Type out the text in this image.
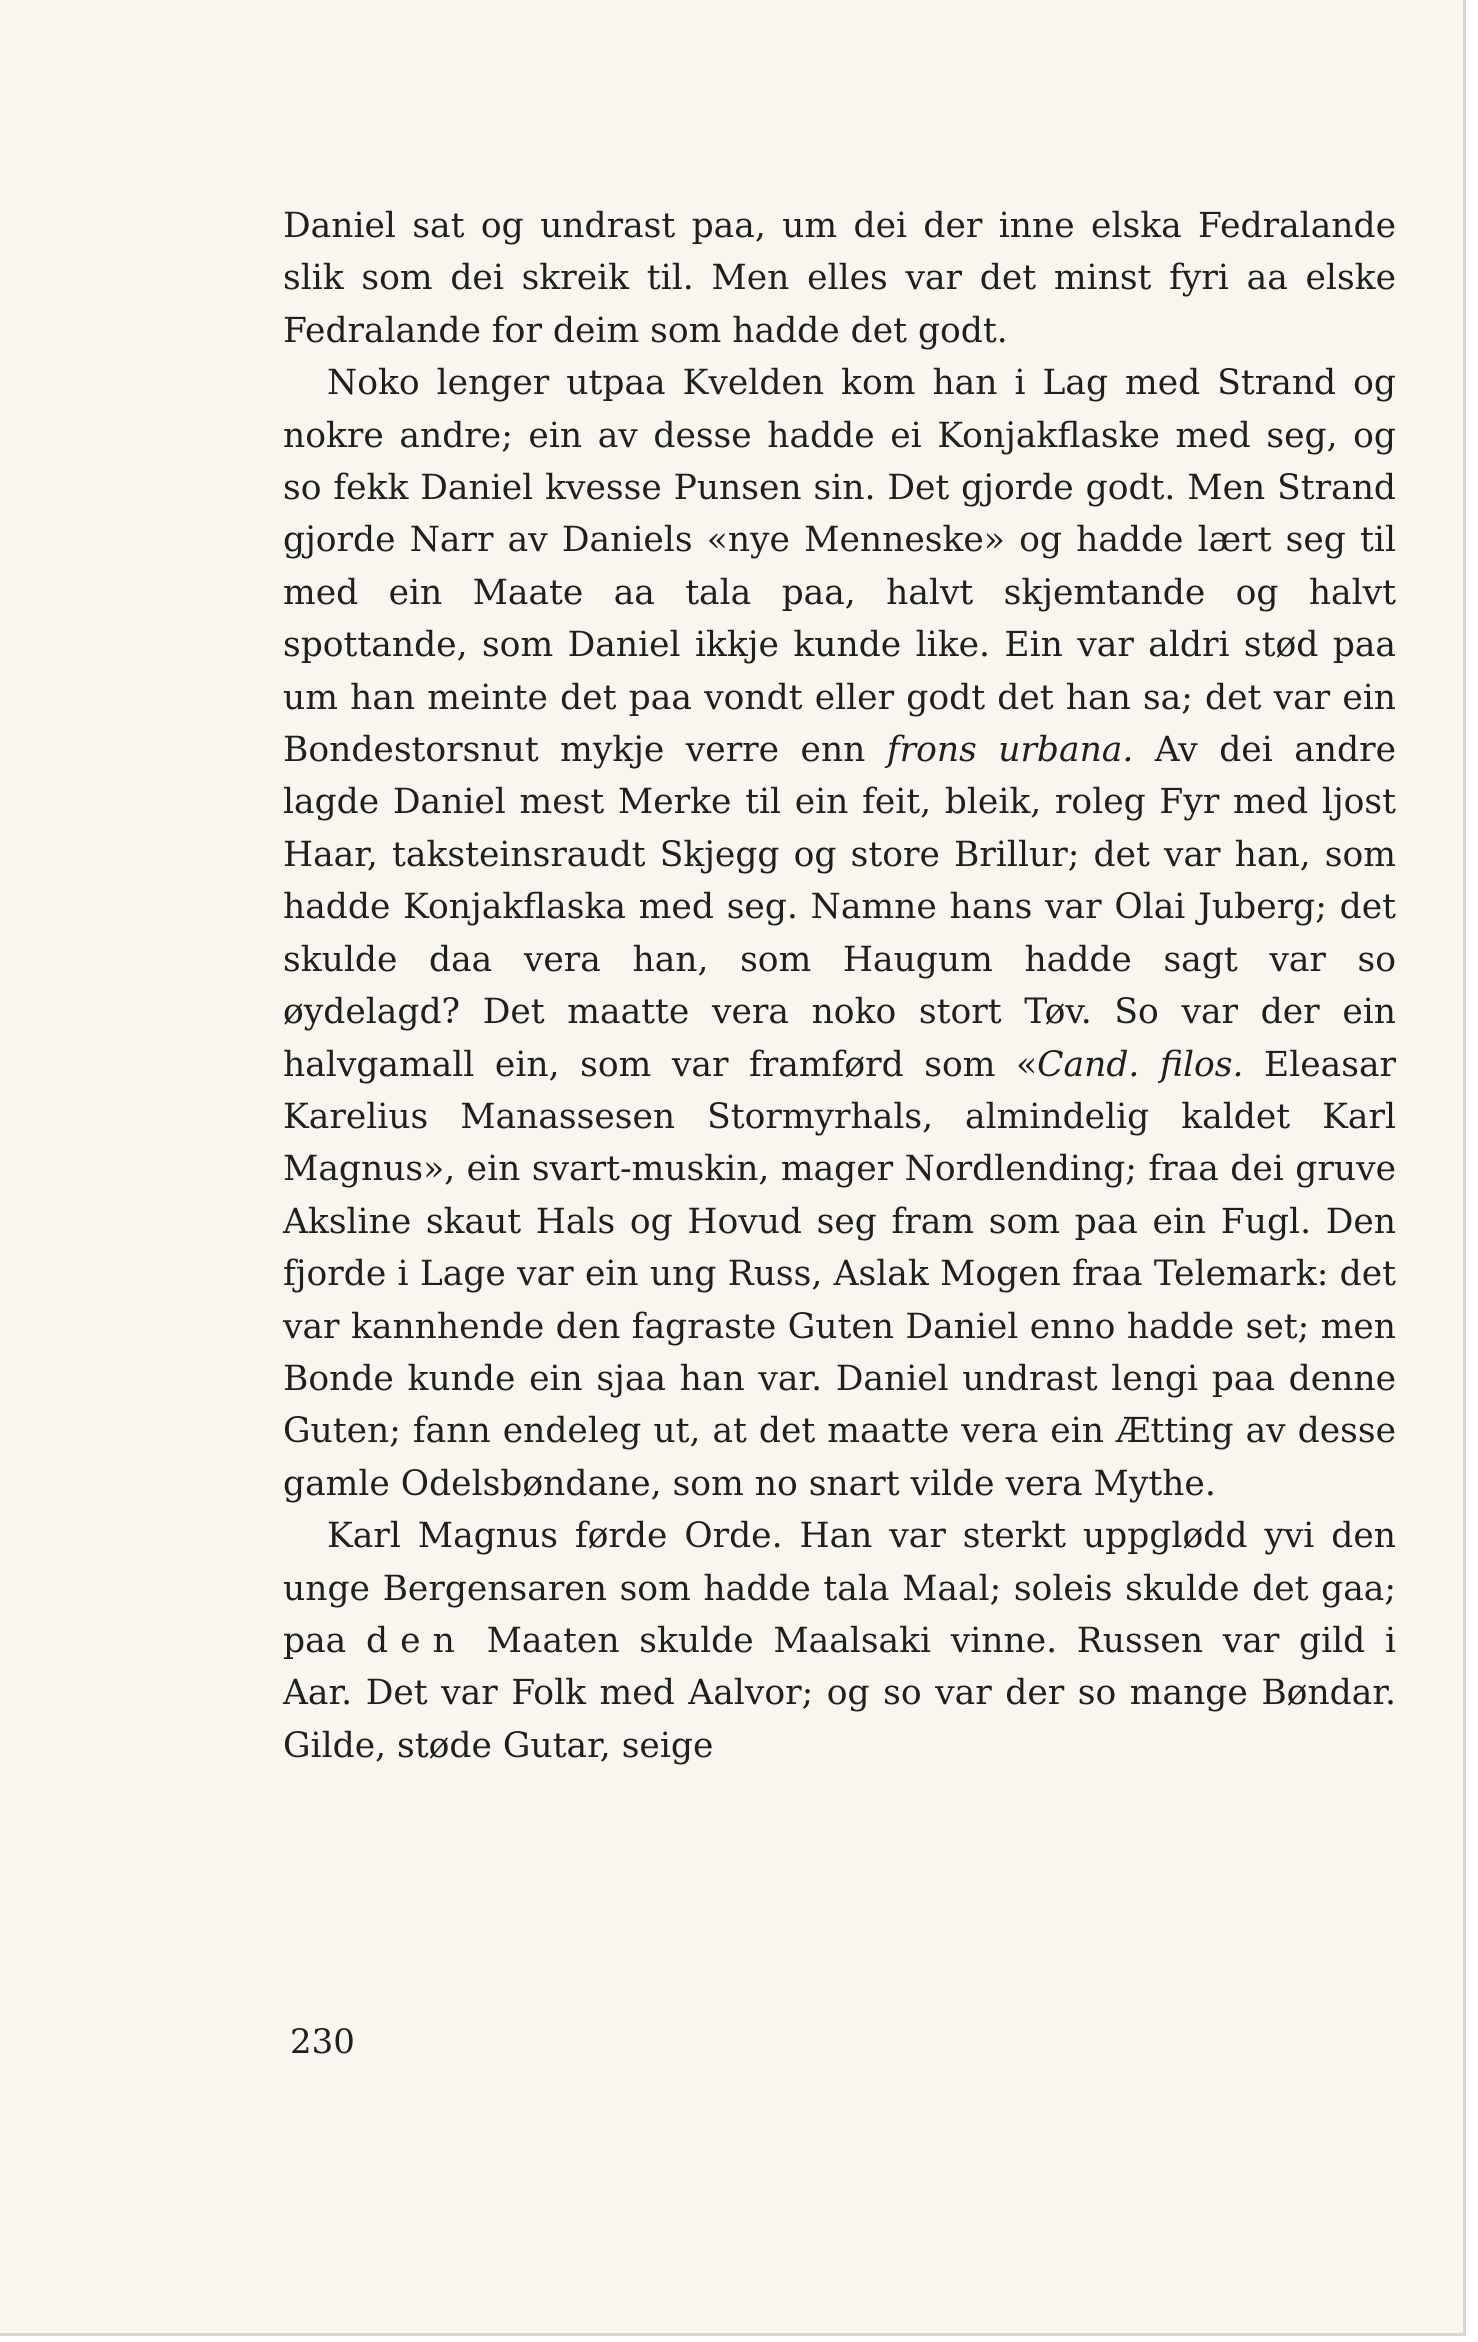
Daniel sat og undrast paa, um dei der inne elska Fedralande slik som dei skreik til. Men elles var det minst fyri aa elske Fedralande for deim som hadde det godt.

Noko lenger utpaa Kvelden kom han i Lag med Strand og nokre andre; ein av desse hadde ei Konjakflaske med seg, og so fekk Daniel kvesse Punsen sin. Det gjorde godt. Men Strand gjorde Narr av Daniels «nye Menneske» og hadde lært seg til med ein Maate aa tala paa, halvt skjemtande og halvt spottande, som Daniel ikkje kunde like. Ein var aldri stød paa um han meinte det paa vondt eller godt det han sa; det var ein Bondestorsnut mykje verre enn frons urbana. Av dei andre lagde Daniel mest Merke til ein feit, bleik, roleg Fyr med ljost Haar, taksteinsraudt Skjegg og store Brillur; det var han, som hadde Konjakflaska med seg. Namne hans var Olai Juberg; det skulde daa vera han, som Haugum hadde sagt var so øydelagd? Det maatte vera noko stort Tøv. So var der ein halvgamall ein, som var framførd som «Cand. filos. Eleasar Karelius Manassesen Stormyrhals, almindelig kaldet Karl Magnus», ein svart-muskin, mager Nordlending; fraa dei gruve Aksline skaut Hals og Hovud seg fram som paa ein Fugl. Den fjorde i Lage var ein ung Russ, Aslak Mogen fraa Telemark: det var kannhende den fagraste Guten Daniel enno hadde set; men Bonde kunde ein sjaa han var. Daniel undrast lengi paa denne Guten; fann endeleg ut, at det maatte vera ein Ætting av desse gamle Odelsbøndane, som no snart vilde vera Mythe.

Karl Magnus førde Orde. Han var sterkt uppglødd yvi den unge Bergensaren som hadde tala Maal; soleis skulde det gaa; paa den Maaten skulde Maalsaki vinne. Russen var gild i Aar. Det var Folk med Aalvor; og so var der so mange Bøndar. Gilde, støde Gutar, seige

230
